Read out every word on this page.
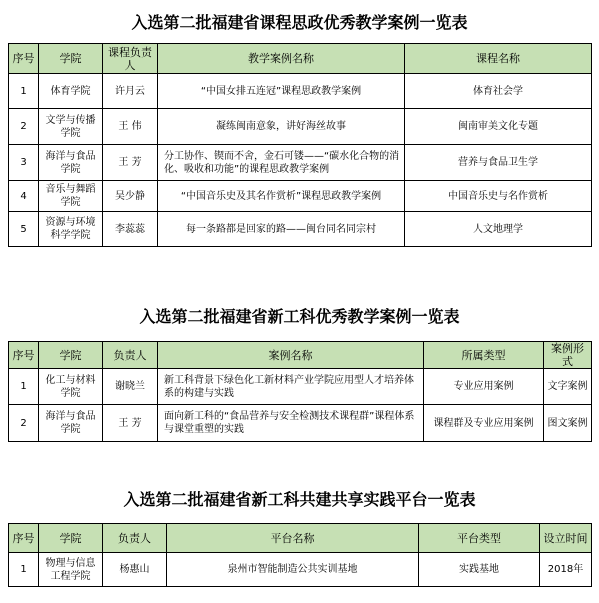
入选第二批福建省课程思政优秀教学案例一览表
序号	学院	课程负责人	教学案例名称	课程名称
1	体育学院	许月云	“中国女排五连冠”课程思政教学案例	体育社会学
2	文学与传播学院	王 伟	凝练闽南意象，讲好海丝故事	闽南审美文化专题
3	海洋与食品学院	王 芳	分工协作、锲而不舍，金石可镂——“碳水化合物的消化、吸收和功能”的课程思政教学案例	营养与食品卫生学
4	音乐与舞蹈学院	吴少静	“中国音乐史及其名作赏析”课程思政教学案例	中国音乐史与名作赏析
5	资源与环境科学学院	李蕊蕊	每一条路都是回家的路——闽台同名同宗村	人文地理学
入选第二批福建省新工科优秀教学案例一览表
序号	学院	负责人	案例名称	所属类型	案例形式
1	化工与材料学院	谢晓兰	新工科背景下绿色化工新材料产业学院应用型人才培养体系的构建与实践	专业应用案例	文字案例
2	海洋与食品学院	王 芳	面向新工科的“食品营养与安全检测技术课程群”课程体系与课堂重塑的实践	课程群及专业应用案例	图文案例
入选第二批福建省新工科共建共享实践平台一览表
序号	学院	负责人	平台名称	平台类型	设立时间
1	物理与信息工程学院	杨惠山	泉州市智能制造公共实训基地	实践基地	2018年
